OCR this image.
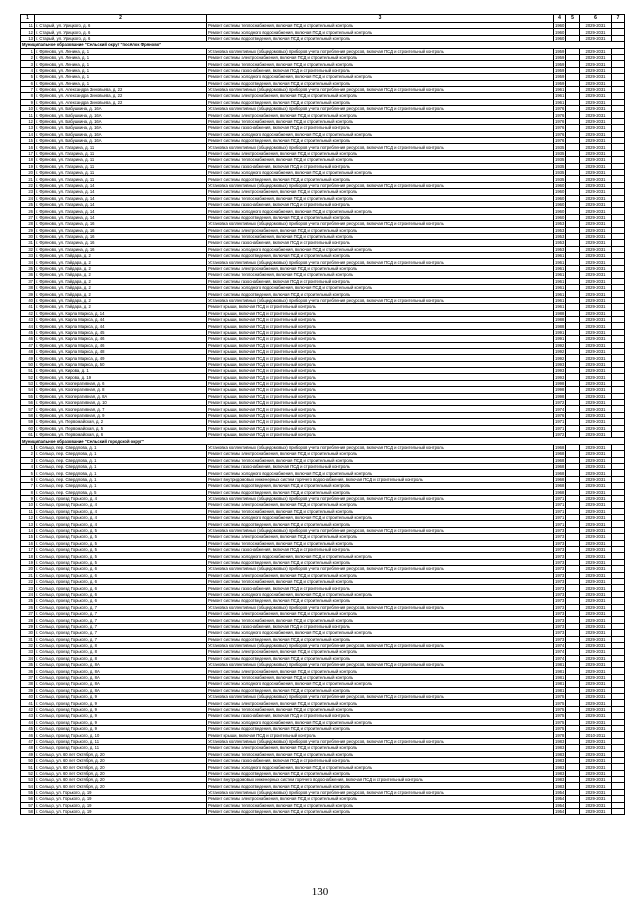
1	2	3	4	5	6	7
11	г. Старый, ул. Урицкого, д. 6	Ремонт системы теплоснабжения, включая ПСД и строительный контроль	1960		2029-2031	
12	г. Старый, ул. Урицкого, д. 6	Ремонт системы холодного водоснабжения, включая ПСД и строительный контроль	1960		2029-2031	
13	г. Старый, ул. Урицкого, д. 6	Ремонт системы водоотведения, включая ПСД и строительный контроль	1960		2029-2031	
Муниципальное образование "Сельский округ "посёлок Фряново"						
1	г. Фряново, ул. Ленина, д. 1	Установка коллективных (общедомовых) приборов учета потребления ресурсов, включая ПСД и строительный контроль	1959		2029-2031	
2	г. Фряново, ул. Ленина, д. 1	Ремонт системы электроснабжения, включая ПСД и строительный контроль	1959		2029-2031	
3	г. Фряново, ул. Ленина, д. 1	Ремонт системы теплоснабжения, включая ПСД и строительный контроль	1959		2029-2031	
4	г. Фряново, ул. Ленина, д. 1	Ремонт системы газоснабжения, включая ПСД и строительный контроль	1959		2029-2031	
5	г. Фряново, ул. Ленина, д. 1	Ремонт системы холодного водоснабжения, включая ПСД и строительный контроль	1959		2029-2031	
6	г. Фряново, ул. Ленина, д. 1	Ремонт системы водоотведения, включая ПСД и строительный контроль	1959		2029-2031	
7	г. Фряново, ул. Александра Зиновьева, д. 22	Установка коллективных (общедомовых) приборов учета потребления ресурсов, включая ПСД и строительный контроль	1961		2029-2031	
8	г. Фряново, ул. Александра Зиновьева, д. 22	Ремонт системы электроснабжения, включая ПСД и строительный контроль	1961		2029-2031	
9	г. Фряново, ул. Александра Зиновьева, д. 22	Ремонт системы водоотведения, включая ПСД и строительный контроль	1961		2029-2031	
10	г. Фряново, ул. Бабушкина, д. 16А	Установка коллективных (общедомовых) приборов учета потребления ресурсов, включая ПСД и строительный контроль	1976		2029-2031	
11	г. Фряново, ул. Бабушкина, д. 16А	Ремонт системы электроснабжения, включая ПСД и строительный контроль	1976		2029-2031	
12	г. Фряново, ул. Бабушкина, д. 16А	Ремонт системы теплоснабжения, включая ПСД и строительный контроль	1976		2029-2031	
13	г. Фряново, ул. Бабушкина, д. 16А	Ремонт системы газоснабжения, включая ПСД и строительный контроль	1976		2029-2031	
14	г. Фряново, ул. Бабушкина, д. 16А	Ремонт системы холодного водоснабжения, включая ПСД и строительный контроль	1976		2029-2031	
15	г. Фряново, ул. Бабушкина, д. 16А	Ремонт системы водоотведения, включая ПСД и строительный контроль	1976		2029-2031	
16	г. Фряново, ул. Гагарина, д. 11	Установка коллективных (общедомовых) приборов учета потребления ресурсов, включая ПСД и строительный контроль	1935		2029-2031	
17	г. Фряново, ул. Гагарина, д. 11	Ремонт системы электроснабжения, включая ПСД и строительный контроль	1935		2029-2031	
18	г. Фряново, ул. Гагарина, д. 11	Ремонт системы теплоснабжения, включая ПСД и строительный контроль	1935		2029-2031	
19	г. Фряново, ул. Гагарина, д. 11	Ремонт системы газоснабжения, включая ПСД и строительный контроль	1935		2029-2031	
20	г. Фряново, ул. Гагарина, д. 11	Ремонт системы холодного водоснабжения, включая ПСД и строительный контроль	1935		2029-2031	
21	г. Фряново, ул. Гагарина, д. 11	Ремонт системы водоотведения, включая ПСД и строительный контроль	1935		2029-2031	
22	г. Фряново, ул. Гагарина, д. 14	Установка коллективных (общедомовых) приборов учета потребления ресурсов, включая ПСД и строительный контроль	1960		2029-2031	
23	г. Фряново, ул. Гагарина, д. 14	Ремонт системы электроснабжения, включая ПСД и строительный контроль	1960		2029-2031	
24	г. Фряново, ул. Гагарина, д. 14	Ремонт системы теплоснабжения, включая ПСД и строительный контроль	1960		2029-2031	
25	г. Фряново, ул. Гагарина, д. 14	Ремонт системы газоснабжения, включая ПСД и строительный контроль	1960		2029-2031	
26	г. Фряново, ул. Гагарина, д. 14	Ремонт системы холодного водоснабжения, включая ПСД и строительный контроль	1960		2029-2031	
27	г. Фряново, ул. Гагарина, д. 14	Ремонт системы водоотведения, включая ПСД и строительный контроль	1960		2029-2031	
28	г. Фряново, ул. Гагарина, д. 16	Установка коллективных (общедомовых) приборов учета потребления ресурсов, включая ПСД и строительный контроль	1953		2029-2031	
29	г. Фряново, ул. Гагарина, д. 16	Ремонт системы электроснабжения, включая ПСД и строительный контроль	1953		2029-2031	
30	г. Фряново, ул. Гагарина, д. 16	Ремонт системы теплоснабжения, включая ПСД и строительный контроль	1953		2029-2031	
31	г. Фряново, ул. Гагарина, д. 16	Ремонт системы газоснабжения, включая ПСД и строительный контроль	1953		2029-2031	
32	г. Фряново, ул. Гагарина, д. 16	Ремонт системы холодного водоснабжения, включая ПСД и строительный контроль	1953		2029-2031	
33	г. Фряново, ул. Гайдара, д. 2	Ремонт системы водоотведения, включая ПСД и строительный контроль	1961		2029-2031	
34	г. Фряново, ул. Гайдара, д. 2	Установка коллективных (общедомовых) приборов учета потребления ресурсов, включая ПСД и строительный контроль	1961		2029-2031	
35	г. Фряново, ул. Гайдара, д. 2	Ремонт системы электроснабжения, включая ПСД и строительный контроль	1961		2029-2031	
36	г. Фряново, ул. Гайдара, д. 2	Ремонт системы теплоснабжения, включая ПСД и строительный контроль	1961		2029-2031	
37	г. Фряново, ул. Гайдара, д. 2	Ремонт системы газоснабжения, включая ПСД и строительный контроль	1961		2029-2031	
38	г. Фряново, ул. Гайдара, д. 2	Ремонт системы холодного водоснабжения, включая ПСД и строительный контроль	1961		2029-2031	
39	г. Фряново, ул. Гайдара, д. 2	Ремонт системы водоотведения, включая ПСД и строительный контроль	1961		2029-2031	
40	г. Фряново, ул. Гайдара, д. 2	Установка коллективных (общедомовых) приборов учета потребления ресурсов, включая ПСД и строительный контроль	1961		2029-2031	
41	г. Фряново, ул. Гайдара, д. 2	Ремонт крыши, включая ПСД и строительный контроль	1961		2029-2031	
42	г. Фряново, ул. Карла Маркса, д. 14	Ремонт крыши, включая ПСД и строительный контроль	1988		2029-2031	
43	г. Фряново, ул. Карла Маркса, д. 44	Ремонт крыши, включая ПСД и строительный контроль	1988		2029-2031	
44	г. Фряново, ул. Карла Маркса, д. 44	Ремонт крыши, включая ПСД и строительный контроль	1988		2029-2031	
45	г. Фряново, ул. Карла Маркса, д. 45	Ремонт крыши, включая ПСД и строительный контроль	1991		2029-2031	
46	г. Фряново, ул. Карла Маркса, д. 46	Ремонт крыши, включая ПСД и строительный контроль	1991		2029-2031	
47	г. Фряново, ул. Карла Маркса, д. 46	Ремонт крыши, включая ПСД и строительный контроль	1992		2029-2031	
48	г. Фряново, ул. Карла Маркса, д. 48	Ремонт крыши, включая ПСД и строительный контроль	1992		2029-2031	
49	г. Фряново, ул. Карла Маркса, д. 49	Ремонт крыши, включая ПСД и строительный контроль	1992		2029-2031	
50	г. Фряново, ул. Карла Маркса, д. 50	Ремонт крыши, включая ПСД и строительный контроль	1993		2029-2031	
51	г. Фряново, ул. Кирова, д. 1	Ремонт крыши, включая ПСД и строительный контроль	1993		2029-2031	
52	г. Фряново, ул. Кирова, д. 19	Ремонт крыши, включая ПСД и строительный контроль	1993		2029-2031	
53	г. Фряново, ул. Кооперативная, д. 6	Ремонт крыши, включая ПСД и строительный контроль	1998		2029-2031	
54	г. Фряново, ул. Кооперативная, д. 8	Ремонт крыши, включая ПСД и строительный контроль	1998		2029-2031	
55	г. Фряново, ул. Кооперативная, д. 8А	Ремонт крыши, включая ПСД и строительный контроль	1998		2029-2031	
56	г. Фряново, ул. Кооперативная, д. 10	Ремонт крыши, включая ПСД и строительный контроль	1972		2029-2031	
57	г. Фряново, ул. Кооперативная, д. 7	Ремонт крыши, включая ПСД и строительный контроль	1974		2029-2031	
58	г. Фряново, ул. Кооперативная, д. 9	Ремонт крыши, включая ПСД и строительный контроль	1976		2029-2031	
59	г. Фряново, ул. Первомайская, д. 2	Ремонт крыши, включая ПСД и строительный контроль	1971		2029-2031	
60	г. Фряново, ул. Первомайская, д. 5	Ремонт крыши, включая ПСД и строительный контроль	1971		2029-2031	
61	г. Фряново, ул. Первомайская, д. 6	Ремонт крыши, включая ПСД и строительный контроль	1972		2029-2031	
Муниципальное образование "Сельский городской округ"						
1	г. Сельцо, пер. Свердлова, д. 1	Установка коллективных (общедомовых) приборов учета потребления ресурсов, включая ПСД и строительный контроль	1968		2029-2031	
2	г. Сельцо, пер. Свердлова, д. 1	Ремонт системы электроснабжения, включая ПСД и строительный контроль	1968		2029-2031	
3	г. Сельцо, пер. Свердлова, д. 1	Ремонт системы теплоснабжения, включая ПСД и строительный контроль	1968		2029-2031	
4	г. Сельцо, пер. Свердлова, д. 1	Ремонт системы газоснабжения, включая ПСД и строительный контроль	1968		2029-2031	
5	г. Сельцо, пер. Свердлова, д. 1	Ремонт системы холодного водоснабжения, включая ПСД и строительный контроль	1968		2029-2031	
6	г. Сельцо, пер. Свердлова, д. 1	Ремонт внутридомовых инженерных систем горячего водоснабжения, включая ПСД и строительный контроль	1968		2029-2031	
7	г. Сельцо, пер. Свердлова, д. 1	Ремонт системы водоотведения, включая ПСД и строительный контроль	1968		2029-2031	
8	г. Сельцо, пер. Свердлова, д. 5	Ремонт системы водоотведения, включая ПСД и строительный контроль	1968		2029-2031	
9	г. Сельцо, проезд Горького, д. 4	Установка коллективных (общедомовых) приборов учета потребления ресурсов, включая ПСД и строительный контроль	1971		2029-2031	
10	г. Сельцо, проезд Горького, д. 4	Ремонт системы электроснабжения, включая ПСД и строительный контроль	1971		2029-2031	
11	г. Сельцо, проезд Горького, д. 4	Ремонт системы теплоснабжения, включая ПСД и строительный контроль	1971		2029-2031	
12	г. Сельцо, проезд Горького, д. 4	Ремонт системы холодного водоснабжения, включая ПСД и строительный контроль	1971		2029-2031	
13	г. Сельцо, проезд Горького, д. 4	Ремонт системы водоотведения, включая ПСД и строительный контроль	1971		2029-2031	
14	г. Сельцо, проезд Горького, д. 5	Установка коллективных (общедомовых) приборов учета потребления ресурсов, включая ПСД и строительный контроль	1973		2029-2031	
15	г. Сельцо, проезд Горького, д. 5	Ремонт системы электроснабжения, включая ПСД и строительный контроль	1973		2029-2031	
16	г. Сельцо, проезд Горького, д. 5	Ремонт системы теплоснабжения, включая ПСД и строительный контроль	1973		2029-2031	
17	г. Сельцо, проезд Горького, д. 5	Ремонт системы газоснабжения, включая ПСД и строительный контроль	1973		2029-2031	
18	г. Сельцо, проезд Горького, д. 5	Ремонт системы холодного водоснабжения, включая ПСД и строительный контроль	1973		2029-2031	
19	г. Сельцо, проезд Горького, д. 5	Ремонт системы водоотведения, включая ПСД и строительный контроль	1973		2029-2031	
20	г. Сельцо, проезд Горького, д. 6	Установка коллективных (общедомовых) приборов учета потребления ресурсов, включая ПСД и строительный контроль	1973		2029-2031	
21	г. Сельцо, проезд Горького, д. 6	Ремонт системы электроснабжения, включая ПСД и строительный контроль	1973		2029-2031	
22	г. Сельцо, проезд Горького, д. 6	Ремонт системы теплоснабжения, включая ПСД и строительный контроль	1973		2029-2031	
23	г. Сельцо, проезд Горького, д. 6	Ремонт системы газоснабжения, включая ПСД и строительный контроль	1973		2029-2031	
24	г. Сельцо, проезд Горького, д. 6	Ремонт системы холодного водоснабжения, включая ПСД и строительный контроль	1973		2029-2031	
25	г. Сельцо, проезд Горького, д. 6	Ремонт системы водоотведения, включая ПСД и строительный контроль	1973		2029-2031	
26	г. Сельцо, проезд Горького, д. 7	Установка коллективных (общедомовых) приборов учета потребления ресурсов, включая ПСД и строительный контроль	1973		2029-2031	
27	г. Сельцо, проезд Горького, д. 7	Ремонт системы электроснабжения, включая ПСД и строительный контроль	1973		2029-2031	
28	г. Сельцо, проезд Горького, д. 7	Ремонт системы теплоснабжения, включая ПСД и строительный контроль	1973		2029-2031	
29	г. Сельцо, проезд Горького, д. 7	Ремонт системы газоснабжения, включая ПСД и строительный контроль	1973		2029-2031	
30	г. Сельцо, проезд Горького, д. 7	Ремонт системы холодного водоснабжения, включая ПСД и строительный контроль	1973		2029-2031	
31	г. Сельцо, проезд Горького, д. 7	Ремонт системы водоотведения, включая ПСД и строительный контроль	1973		2029-2031	
32	г. Сельцо, проезд Горького, д. 8	Установка коллективных (общедомовых) приборов учета потребления ресурсов, включая ПСД и строительный контроль	1974		2029-2031	
33	г. Сельцо, проезд Горького, д. 8	Ремонт системы электроснабжения, включая ПСД и строительный контроль	1974		2029-2031	
34	г. Сельцо, проезд Горького, д. 8	Ремонт системы водоотведения, включая ПСД и строительный контроль	1974		2029-2031	
35	г. Сельцо, проезд Горького, д. 8А	Установка коллективных (общедомовых) приборов учета потребления ресурсов, включая ПСД и строительный контроль	1981		2029-2031	
36	г. Сельцо, проезд Горького, д. 8А	Ремонт системы электроснабжения, включая ПСД и строительный контроль	1981		2029-2031	
37	г. Сельцо, проезд Горького, д. 8А	Ремонт системы теплоснабжения, включая ПСД и строительный контроль	1981		2029-2031	
38	г. Сельцо, проезд Горького, д. 8А	Ремонт системы холодного водоснабжения, включая ПСД и строительный контроль	1981		2029-2031	
39	г. Сельцо, проезд Горького, д. 8А	Ремонт системы водоотведения, включая ПСД и строительный контроль	1981		2029-2031	
40	г. Сельцо, проезд Горького, д. 9	Установка коллективных (общедомовых) приборов учета потребления ресурсов, включая ПСД и строительный контроль	1975		2029-2031	
41	г. Сельцо, проезд Горького, д. 9	Ремонт системы электроснабжения, включая ПСД и строительный контроль	1975		2029-2031	
42	г. Сельцо, проезд Горького, д. 9	Ремонт системы теплоснабжения, включая ПСД и строительный контроль	1975		2029-2031	
43	г. Сельцо, проезд Горького, д. 9	Ремонт системы газоснабжения, включая ПСД и строительный контроль	1975		2029-2031	
44	г. Сельцо, проезд Горького, д. 9	Ремонт системы холодного водоснабжения, включая ПСД и строительный контроль	1975		2029-2031	
45	г. Сельцо, проезд Горького, д. 9	Ремонт системы водоотведения, включая ПСД и строительный контроль	1975		2029-2031	
46	г. Сельцо, проезд Горького, д. 10	Ремонт крыши, включая ПСД и строительный контроль	1978		2010-2011	
47	г. Сельцо, проезд Горького, д. 11	Установка коллективных (общедомовых) приборов учета потребления ресурсов, включая ПСД и строительный контроль	1983		2029-2031	
48	г. Сельцо, проезд Горького, д. 11	Ремонт системы электроснабжения, включая ПСД и строительный контроль	1983		2029-2031	
49	г. Сельцо, ул. 60 лет Октября, д. 20	Ремонт системы теплоснабжения, включая ПСД и строительный контроль	1983		2029-2031	
50	г. Сельцо, ул. 60 лет Октября, д. 20	Ремонт системы газоснабжения, включая ПСД и строительный контроль	1983		2029-2031	
51	г. Сельцо, ул. 60 лет Октября, д. 20	Ремонт системы холодного водоснабжения, включая ПСД и строительный контроль	1983		2029-2031	
52	г. Сельцо, ул. 60 лет Октября, д. 20	Ремонт системы водоотведения, включая ПСД и строительный контроль	1983		2029-2031	
53	г. Сельцо, ул. 60 лет Октября, д. 20	Ремонт внутридомовых инженерных систем горячего водоснабжения, включая ПСД и строительный контроль	1983		2029-2031	
54	г. Сельцо, ул. 60 лет Октября, д. 20	Ремонт системы водоотведения, включая ПСД и строительный контроль	1983		2029-2031	
55	г. Сельцо, ул. Горького, д. 19	Установка коллективных (общедомовых) приборов учета потребления ресурсов, включая ПСД и строительный контроль	1954		2029-2031	
56	г. Сельцо, ул. Горького, д. 19	Ремонт системы электроснабжения, включая ПСД и строительный контроль	1954		2029-2031	
57	г. Сельцо, ул. Горького, д. 19	Ремонт системы теплоснабжения, включая ПСД и строительный контроль	1954		2029-2031	
58	г. Сельцо, ул. Горького, д. 19	Ремонт системы водоотведения, включая ПСД и строительный контроль	1954		2029-2031	
130
